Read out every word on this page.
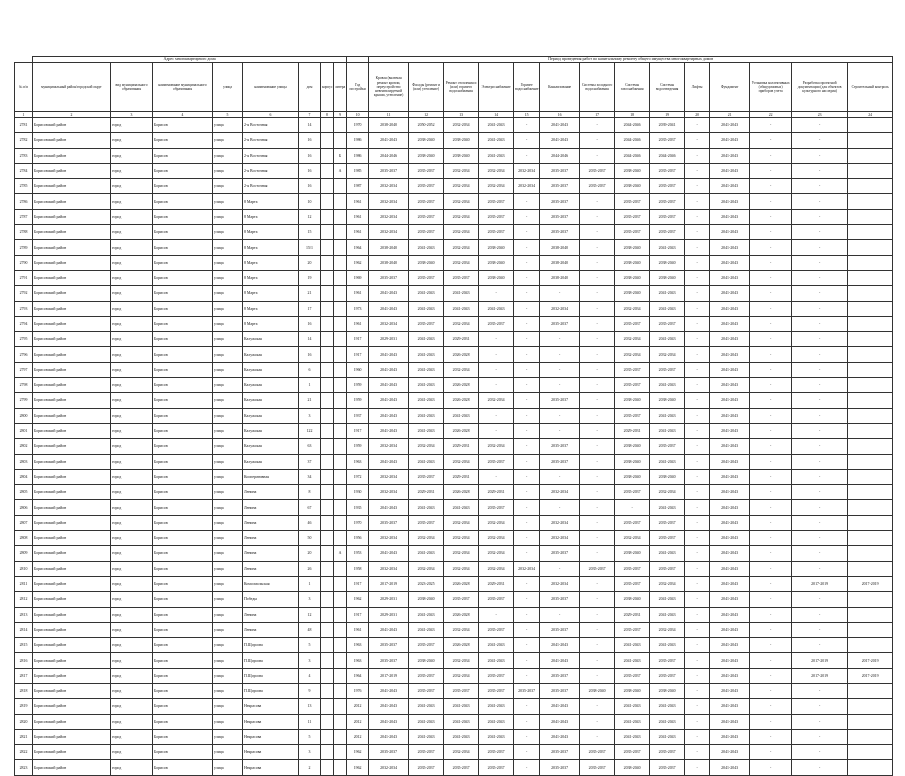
	Адрес многоквартирного дома									Период проведения работ по капитальному ремонту общего имущества многоквартирных домов													
№ п/п	муниципальный район/городской округ	вид муниципального образования	наименование муниципального образования	улица	наименование улицы	дом	корпус	литера	Год постройки	Кровля (включая ремонт кровли, переустройство невентилируемой крыши, утепление)	Фасады (ремонт и (или) утепление)	Ремонт отопления и (или) горячего водоснабжения	Электроснабжение	Горячее водоснабжение	Канализование	Системы холодного водоснабжения	Системы газоснабжения	Системы водоотведения	Лифты	Фундамент	Установка коллективных (общедомовых) приборов учета	Разработка проектной документации (для объектов культурного наследия)	Строительный контроль
1	2	3	4	5	6	7	8	9	10	11	12	13	14	15	16	17	18	19	20	21	22	23	24
2781	Борисовский район	город	Борисов	улица	2-я Восточная	14			1970	2038-2040	2050-2052	2032-2034	2041-2043	-	2041-2043	-	2044-2046	2039-2041	-	2041-2043	-	-	
2782	Борисовский район	город	Борисов	улица	2-я Восточная	16			1986	2041-2043	2038-2040	2038-2040	2041-2043	-	2041-2043	-	2044-2046	2035-2037	-	2041-2043	-	-	
2783	Борисовский район	город	Борисов	улица	2-я Восточная	16		Б	1986	2044-2046	2038-2040	2038-2040	2041-2043	-	2044-2046	-	2044-2046	2044-2046	-	2041-2043	-	-	
2784	Борисовский район	город	Борисов	улица	2-я Восточная	16		А	1985	2035-2037	2035-2037	2032-2034	2032-2034	2032-2034	2035-2037	2035-2037	2038-2040	2035-2037	-	2041-2043	-	-	
2785	Борисовский район	город	Борисов	улица	2-я Восточная	16			1987	2032-2034	2035-2037	2032-2034	2032-2034	2032-2034	2035-2037	2035-2037	2038-2040	2035-2037	-	2041-2043	-	-	
2786	Борисовский район	город	Борисов	улица	8 Марта	10			1961	2032-2034	2035-2037	2032-2034	2035-2037	-	2035-2037	-	2035-2037	2035-2037	-	2041-2043	-	-	
2787	Борисовский район	город	Борисов	улица	8 Марта	12			1961	2032-2034	2035-2037	2032-2034	2035-2037	-	2035-2037	-	2035-2037	2035-2037	-	2041-2043	-	-	
2788	Борисовский район	город	Борисов	улица	8 Марта	15			1961	2032-2034	2035-2037	2032-2034	2035-2037	-	2035-2037	-	2035-2037	2035-2037	-	2041-2043	-	-	
2789	Борисовский район	город	Борисов	улица	8 Марта	15/1			1964	2038-2040	2041-2043	2032-2034	2038-2040	-	2038-2040	-	2038-2040	2041-2043	-	2041-2043	-	-	
2790	Борисовский район	город	Борисов	улица	8 Марта	20			1962	2038-2040	2038-2040	2032-2034	2038-2040	-	2038-2040	-	2038-2040	2038-2040	-	2041-2043	-	-	
2791	Борисовский район	город	Борисов	улица	8 Марта	19			1969	2035-2037	2035-2037	2035-2037	2038-2040	-	2038-2040	-	2038-2040	2038-2040	-	2041-2043	-	-	
2792	Борисовский район	город	Борисов	улица	8 Марта	21			1961	2041-2043	2041-2043	2041-2043	-	-	-	-	2038-2040	2041-2043	-	2041-2043	-	-	
2793	Борисовский район	город	Борисов	улица	8 Марта	17			1973	2041-2043	2041-2043	2041-2043	2041-2043	-	2032-2034	-	2032-2034	2041-2043	-	2041-2043	-	-	
2794	Борисовский район	город	Борисов	улица	8 Марта	16			1961	2032-2034	2035-2037	2032-2034	2035-2037	-	2035-2037	-	2035-2037	2035-2037	-	2041-2043	-	-	
2795	Борисовский район	город	Борисов	улица	Калужская	14			1917	2029-2031	2041-2043	2029-2031	-	-	-	-	2032-2034	2041-2043	-	2041-2043	-	-	
2796	Борисовский район	город	Борисов	улица	Калужская	16			1917	2041-2043	2041-2043	2026-2028	-	-	-	-	2032-2034	2032-2034	-	2041-2043	-	-	
2797	Борисовский район	город	Борисов	улица	Калужская	6			1960	2041-2043	2041-2043	2032-2034	-	-	-	-	2035-2037	2035-2037	-	2041-2043	-	-	
2798	Борисовский район	город	Борисов	улица	Калужская	1			1959	2041-2043	2041-2043	2026-2028	-	-	-	-	2035-2037	2041-2043	-	2041-2043	-	-	
2799	Борисовский район	город	Борисов	улица	Калужская	21			1959	2041-2043	2041-2043	2026-2028	2032-2034	-	2035-2037	-	2038-2040	2038-2040	-	2041-2043	-	-	
2800	Борисовский район	город	Борисов	улица	Калужская	3			1937	2041-2043	2041-2043	2041-2043	-	-	-	-	2035-2037	2041-2043	-	2041-2043	-	-	
2801	Борисовский район	город	Борисов	улица	Калужская	122			1917	2041-2043	2041-2043	2026-2028	-	-	-	-	2029-2031	2041-2043	-	2041-2043	-	-	
2802	Борисовский район	город	Борисов	улица	Калужская	63			1959	2032-2034	2032-2034	2029-2031	2032-2034	-	2035-2037	-	2038-2040	2035-2037	-	2041-2043	-	-	
2803	Борисовский район	город	Борисов	улица	Калужская	37			1963	2041-2043	2041-2043	2032-2034	2035-2037	-	2035-2037	-	2038-2040	2041-2043	-	2041-2043	-	-	
2804	Борисовский район	город	Борисов	улица	Кооперативная	34			1972	2032-2034	2035-2037	2029-2031	-	-	-	-	2038-2040	2038-2040	-	2041-2043	-	-	
2805	Борисовский район	город	Борисов	улица	Ленина	8			1930	2032-2034	2029-2031	2026-2028	2029-2031	-	2032-2034	-	2035-2037	2032-2034	-	2041-2043	-	-	
2806	Борисовский район	город	Борисов	улица	Ленина	67			1935	2041-2043	2041-2043	2041-2043	2035-2037	-	-	-	-	2041-2043	-	2041-2043	-	-	
2807	Борисовский район	город	Борисов	улица	Ленина	46			1970	2035-2037	2035-2037	2032-2034	2032-2034	-	2032-2034	-	2035-2037	2035-2037	-	2041-2043	-	-	
2808	Борисовский район	город	Борисов	улица	Ленина	50			1956	2032-2034	2032-2034	2032-2034	2032-2034	-	2032-2034	-	2032-2034	2035-2037	-	2041-2043	-	-	
2809	Борисовский район	город	Борисов	улица	Ленина	20		А	1953	2041-2043	2041-2043	2032-2034	2032-2034	-	2035-2037	-	2038-2040	2041-2043	-	2041-2043	-	-	
2810	Борисовский район	город	Борисов	улица	Ленина	26			1958	2032-2034	2032-2034	2032-2034	2032-2034	2032-2034	-	2035-2037	2035-2037	2035-2037	-	2041-2043	-	-	
2811	Борисовский район	город	Борисов	улица	Комсомольская	1			1917	2017-2019	2023-2025	2026-2028	2029-2031	-	2032-2034	-	2035-2037	2032-2034	-	2041-2043	-	2017-2019	2017-2019
2812	Борисовский район	город	Борисов	улица	Победы	3			1962	2029-2031	2038-2040	2035-2037	2035-2037	-	2035-2037	-	2038-2040	2041-2043	-	2041-2043	-	-	
2813	Борисовский район	город	Борисов	улица	Ленина	12			1917	2029-2031	2041-2043	2026-2028	-	-	-	-	2029-2031	2041-2043	-	2041-2043	-	-	
2814	Борисовский район	город	Борисов	улица	Ленина	48			1961	2041-2043	2041-2043	2032-2034	2035-2037	-	2035-2037	-	2035-2037	2032-2034	-	2041-2043	-	-	
2815	Борисовский район	город	Борисов	улица	П.Щорсова	5			1963	2035-2037	2035-2037	2026-2028	2041-2043	-	2041-2043	-	2041-2043	2041-2043	-	2041-2043	-	-	
2816	Борисовский район	город	Борисов	улица	П.Щорсова	3			1963	2035-2037	2038-2040	2032-2034	2041-2043	-	2041-2043	-	2041-2043	2035-2037	-	2041-2043	-	2017-2019	2017-2019
2817	Борисовский район	город	Борисов	улица	П.Щорсова	4			1964	2017-2019	2035-2037	2032-2034	2035-2037	-	2035-2037	-	2035-2037	2035-2037	-	2041-2043	-	2017-2019	2017-2019
2818	Борисовский район	город	Борисов	улица	П.Щорсова	9			1976	2041-2043	2035-2037	2035-2037	2035-2037	2035-2037	2035-2037	2038-2040	2038-2040	2038-2040	-	2041-2043	-	-	
2819	Борисовский район	город	Борисов	улица	Некрасова	13			2012	2041-2043	2041-2043	2041-2043	2041-2043	-	2041-2043	-	2041-2043	2041-2043	-	2041-2043	-	-	
2820	Борисовский район	город	Борисов	улица	Некрасова	11			2012	2041-2043	2041-2043	2041-2043	2041-2043	-	2041-2043	-	2041-2043	2041-2043	-	2041-2043	-	-	
2821	Борисовский район	город	Борисов	улица	Некрасова	5			2012	2041-2043	2041-2043	2041-2043	2041-2043	-	2041-2043	-	2041-2043	2041-2043	-	2041-2043	-	-	
2822	Борисовский район	город	Борисов	улица	Некрасова	3			1962	2035-2037	2035-2037	2032-2034	2035-2037	-	2035-2037	2035-2037	2035-2037	2035-2037	-	2041-2043	-	-	
2823	Борисовский район	город	Борисов	улица	Некрасова	2			1962	2032-2034	2035-2037	2035-2037	2035-2037	-	2035-2037	2035-2037	2038-2040	2035-2037	-	2041-2043	-	-	
